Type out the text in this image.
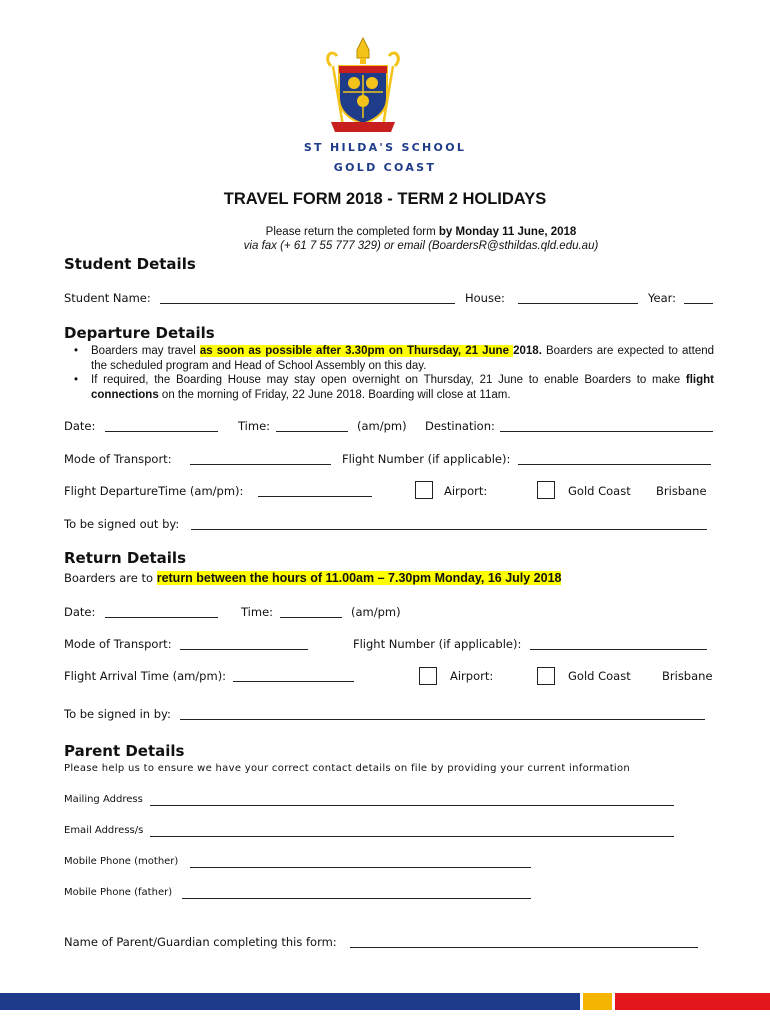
ST HILDA'S SCHOOL
GOLD COAST
TRAVEL FORM 2018 - TERM 2 HOLIDAYS
Please return the completed form by Monday 11 June, 2018
via fax (+ 61 7 55 777 329) or email (BoardersR@sthildas.qld.edu.au)
Student Details
Student Name:	House:	Year:
Departure Details
• Boarders may travel as soon as possible after 3.30pm on Thursday, 21 June 2018. Boarders are expected to attend the scheduled program and Head of School Assembly on this day.
• If required, the Boarding House may stay open overnight on Thursday, 21 June to enable Boarders to make flight connections on the morning of Friday, 22 June 2018. Boarding will close at 11am.
Date:	Time:	(am/pm) Destination:
Mode of Transport:	Flight Number (if applicable):
Flight DepartureTime (am/pm):	Airport:	Gold Coast Brisbane
To be signed out by:
Return Details
Boarders are to return between the hours of 11.00am – 7.30pm Monday, 16 July 2018
Date:	Time:	(am/pm)
Mode of Transport:	Flight Number (if applicable):
Flight Arrival Time (am/pm):	Airport:	Gold Coast	Brisbane
To be signed in by:
Parent Details
Please help us to ensure we have your correct contact details on file by providing your current information
Mailing Address
Email Address/s
Mobile Phone (mother)
Mobile Phone (father)
Name of Parent/Guardian completing this form:
